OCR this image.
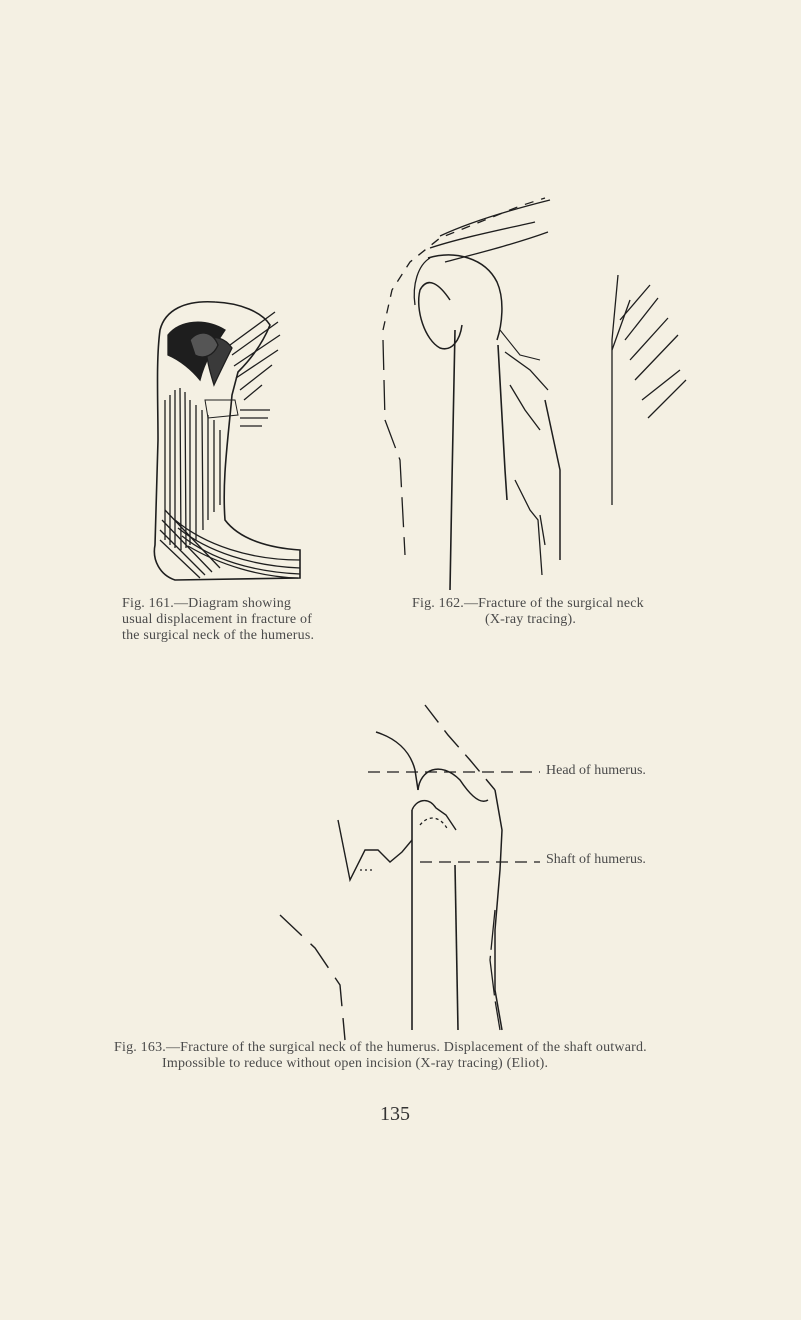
Fig. 161.—Diagram showing
usual displacement in fracture of
the surgical neck of the humerus.
Fig. 162.—Fracture of the surgical neck
(X-ray tracing).
Head of humerus.
Shaft of humerus.
Fig. 163.—Fracture of the surgical neck of the humerus. Displacement of the shaft outward.
Impossible to reduce without open incision (X-ray tracing) (Eliot).
135
